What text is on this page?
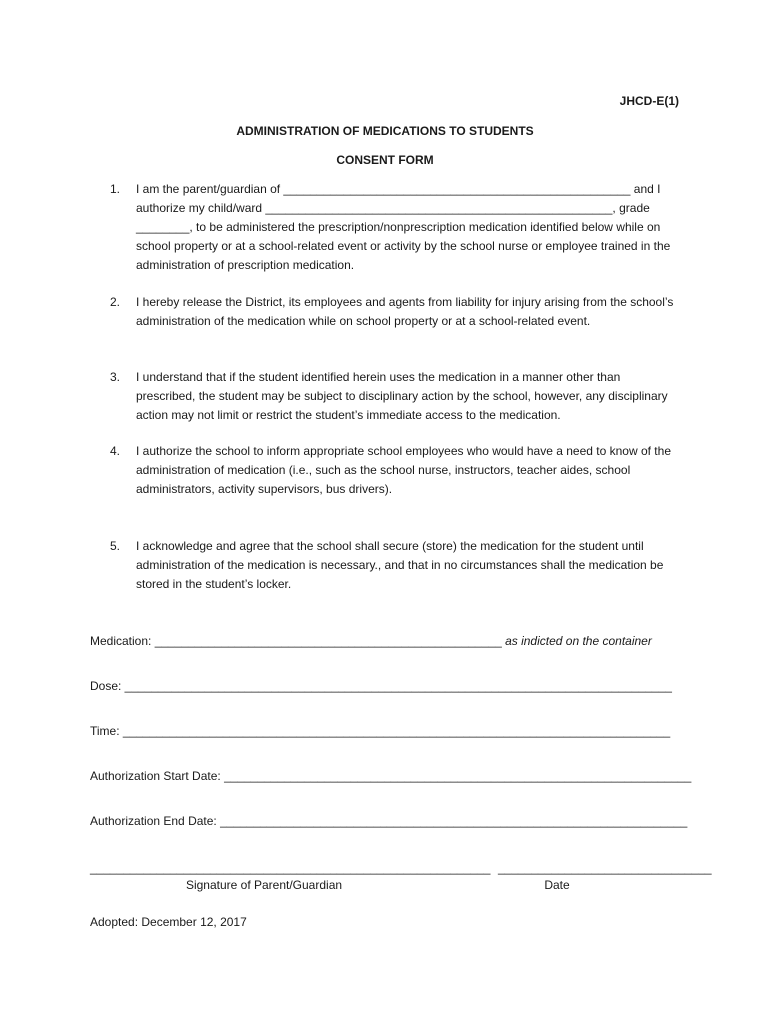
JHCD-E(1)
ADMINISTRATION OF MEDICATIONS TO STUDENTS
CONSENT FORM
1. I am the parent/guardian of ____________________________________________________ and I authorize my child/ward ____________________________________________________, grade ________, to be administered the prescription/nonprescription medication identified below while on school property or at a school-related event or activity by the school nurse or employee trained in the administration of prescription medication.
2. I hereby release the District, its employees and agents from liability for injury arising from the school’s administration of the medication while on school property or at a school-related event.
3. I understand that if the student identified herein uses the medication in a manner other than prescribed, the student may be subject to disciplinary action by the school, however, any disciplinary action may not limit or restrict the student’s immediate access to the medication.
4. I authorize the school to inform appropriate school employees who would have a need to know of the administration of medication (i.e., such as the school nurse, instructors, teacher aides, school administrators, activity supervisors, bus drivers).
5. I acknowledge and agree that the school shall secure (store) the medication for the student until administration of the medication is necessary., and that in no circumstances shall the medication be stored in the student’s locker.
Medication: ____________________________________________________ as indicted on the container
Dose: __________________________________________________________________________________
Time: __________________________________________________________________________________
Authorization Start Date: ______________________________________________________________________
Authorization End Date: ______________________________________________________________________
____________________________________________________________ ________________________________
Signature of Parent/Guardian	Date
Adopted: December 12, 2017
